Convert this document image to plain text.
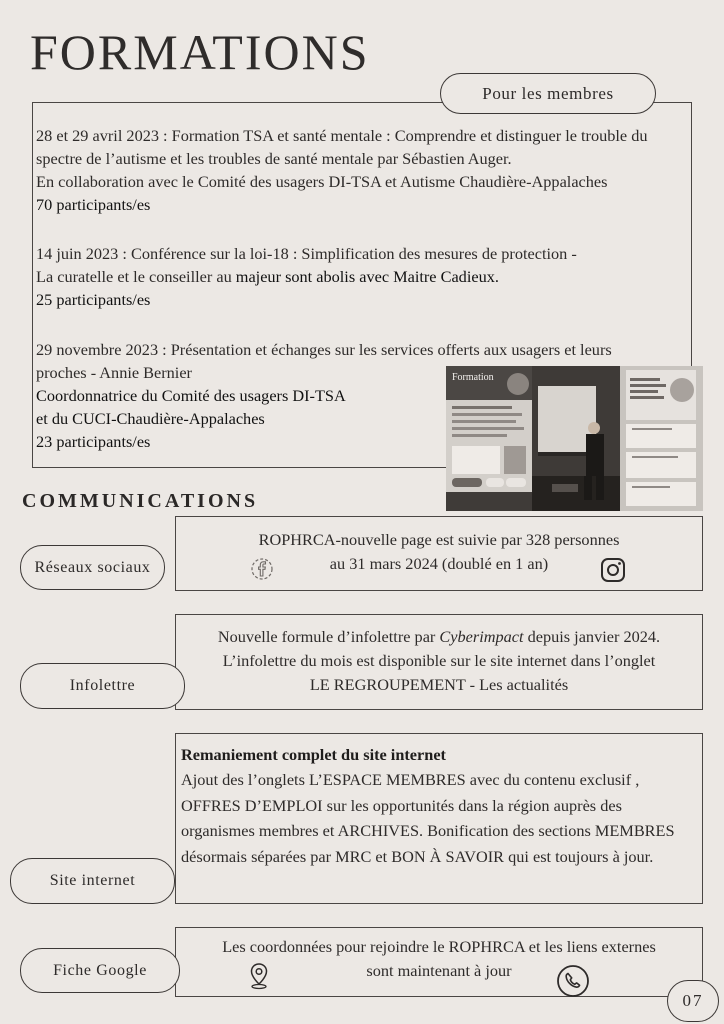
FORMATIONS
Pour les membres
28 et 29 avril 2023 : Formation TSA et santé mentale : Comprendre et distinguer le trouble du spectre de l’autisme et les troubles de santé mentale par Sébastien Auger.
En collaboration avec le Comité des usagers DI-TSA et Autisme Chaudière-Appalaches
70 participants/es
14 juin 2023 : Conférence sur la loi-18 : Simplification des mesures de protection -
La curatelle et le conseiller au majeur sont abolis avec Maitre Cadieux.
25 participants/es
29 novembre 2023 : Présentation et échanges sur les services offerts aux usagers et leurs
proches - Annie Bernier
Coordonnatrice du Comité des usagers DI-TSA
et du CUCI-Chaudière-Appalaches
23 participants/es
Formation
COMMUNICATIONS
ROPHRCA-nouvelle page est suivie par 328 personnes
au 31 mars 2024 (doublé en 1 an)
Réseaux sociaux
Nouvelle formule d’infolettre par Cyberimpact depuis janvier 2024.
L’infolettre du mois est disponible sur le site internet dans l’onglet
LE REGROUPEMENT - Les actualités
Infolettre
Remaniement complet du site internet
Ajout des l’onglets L’ESPACE MEMBRES avec du contenu exclusif , OFFRES D’EMPLOI sur les opportunités dans la région auprès des organismes membres et ARCHIVES. Bonification des sections MEMBRES désormais séparées par MRC et BON À SAVOIR qui est toujours à jour.
Site internet
Les coordonnées pour rejoindre le ROPHRCA et les liens externes
sont maintenant à jour
Fiche Google
07
